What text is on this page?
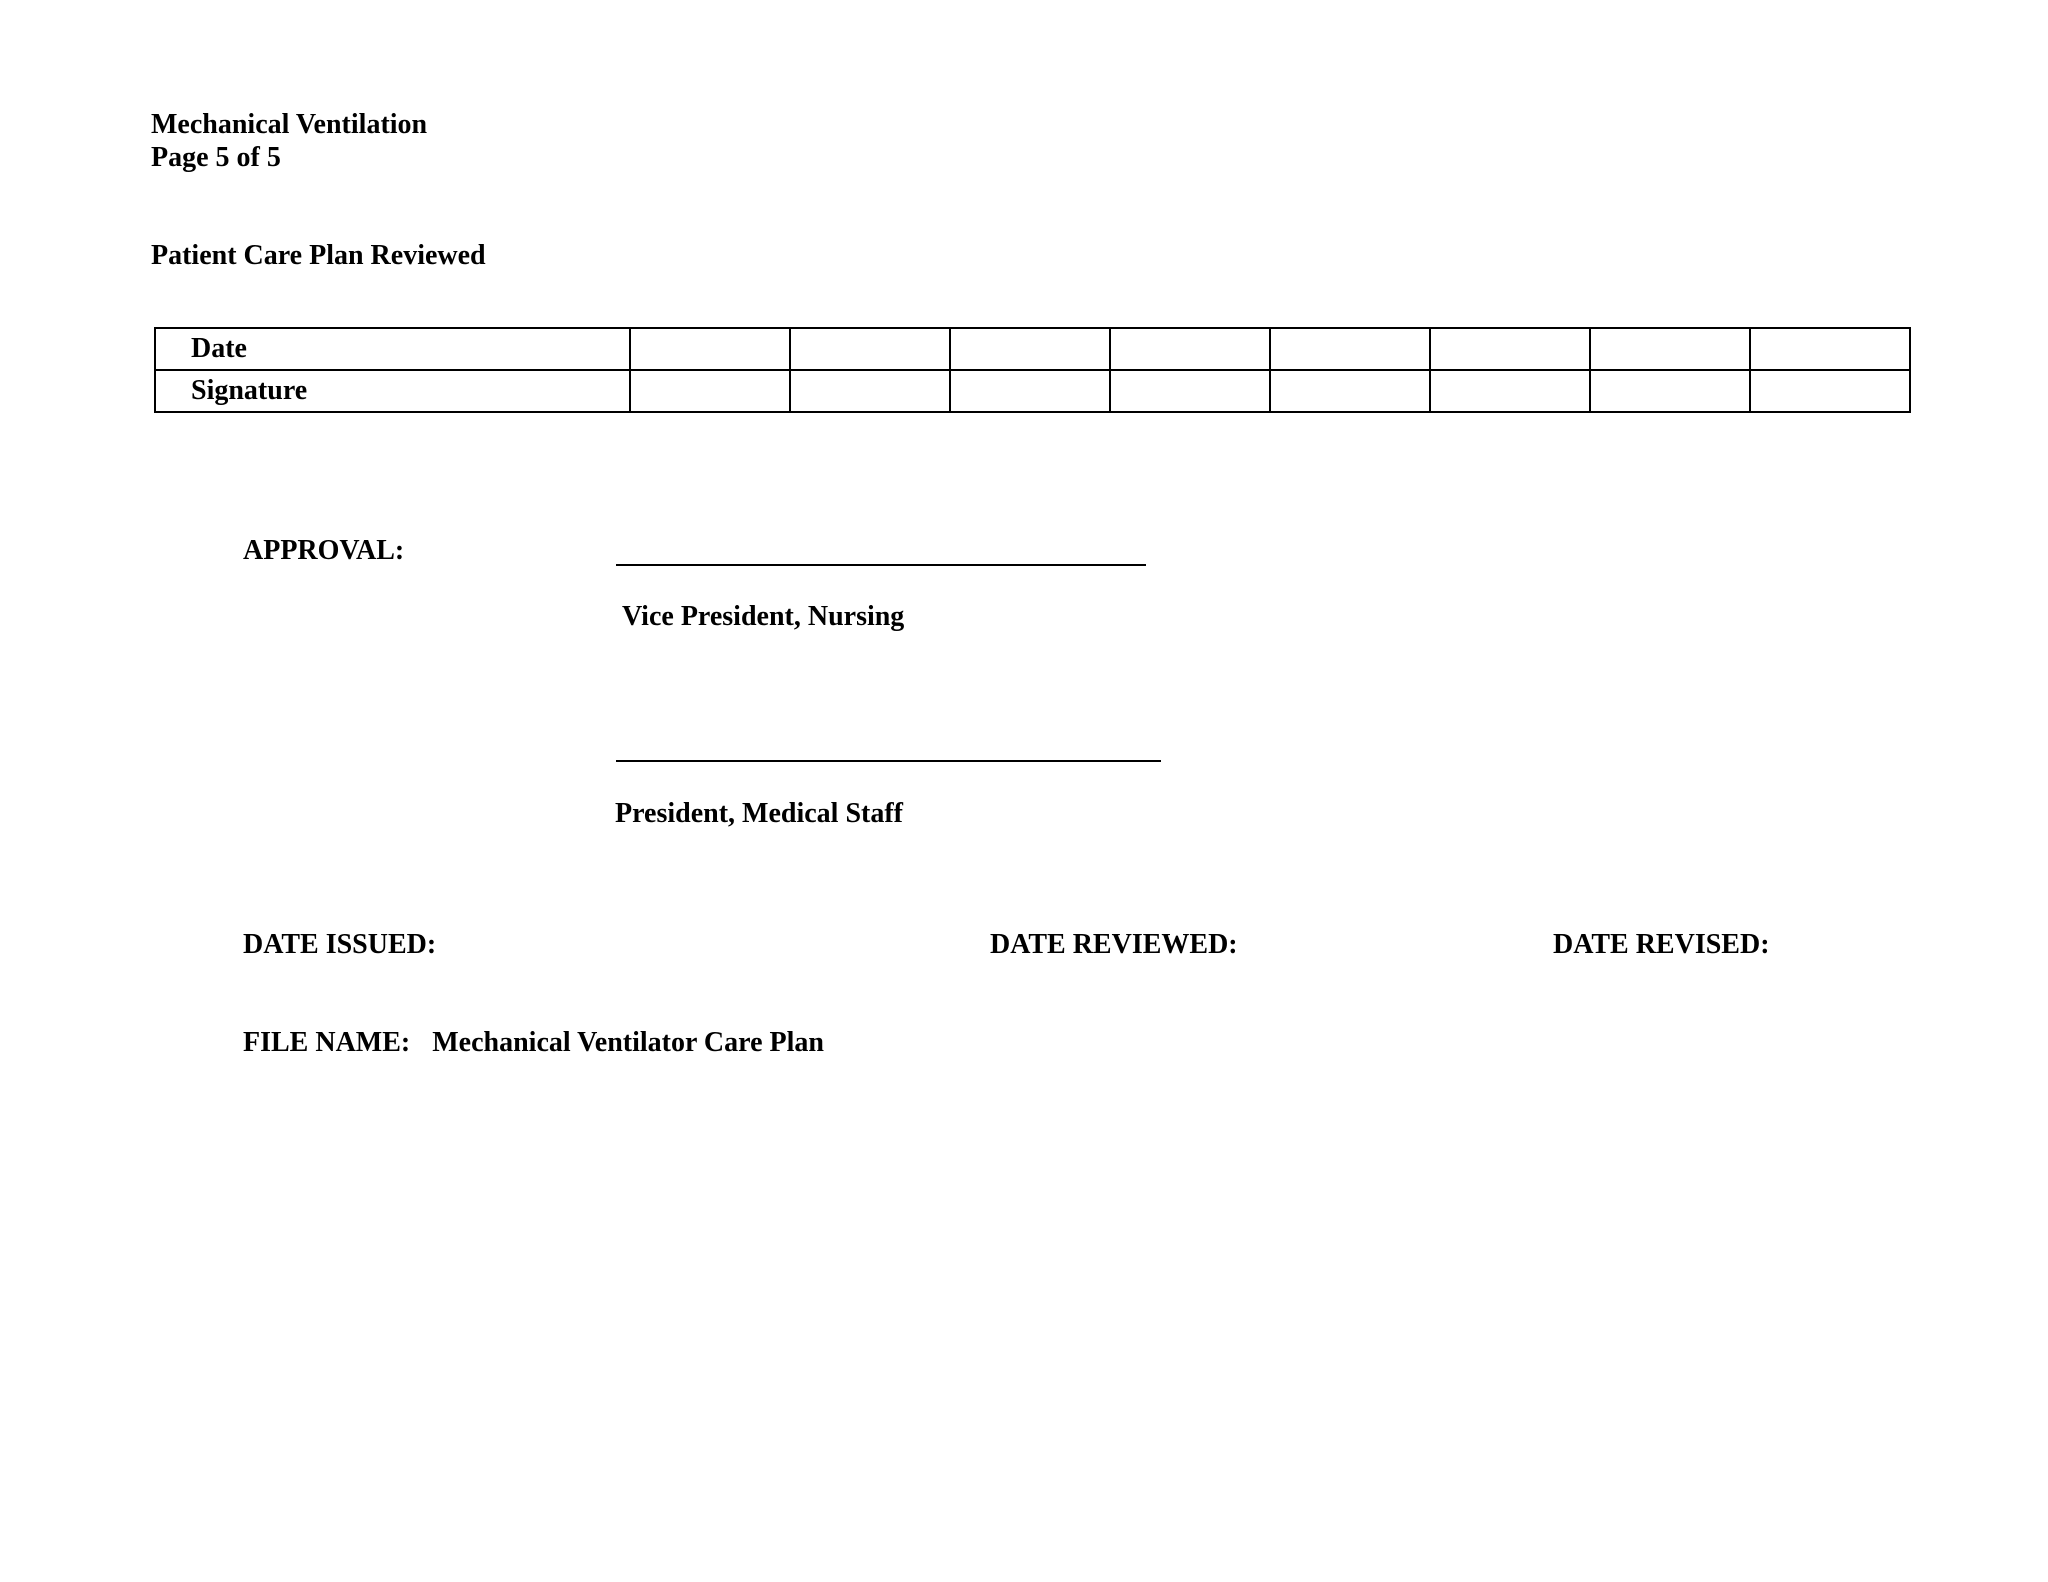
Mechanical Ventilation
Page 5 of 5
Patient Care Plan Reviewed
Date								
Signature								
APPROVAL:
Vice President, Nursing
President, Medical Staff
DATE ISSUED:	DATE REVIEWED:	DATE REVISED:
FILE NAME: Mechanical Ventilator Care Plan
